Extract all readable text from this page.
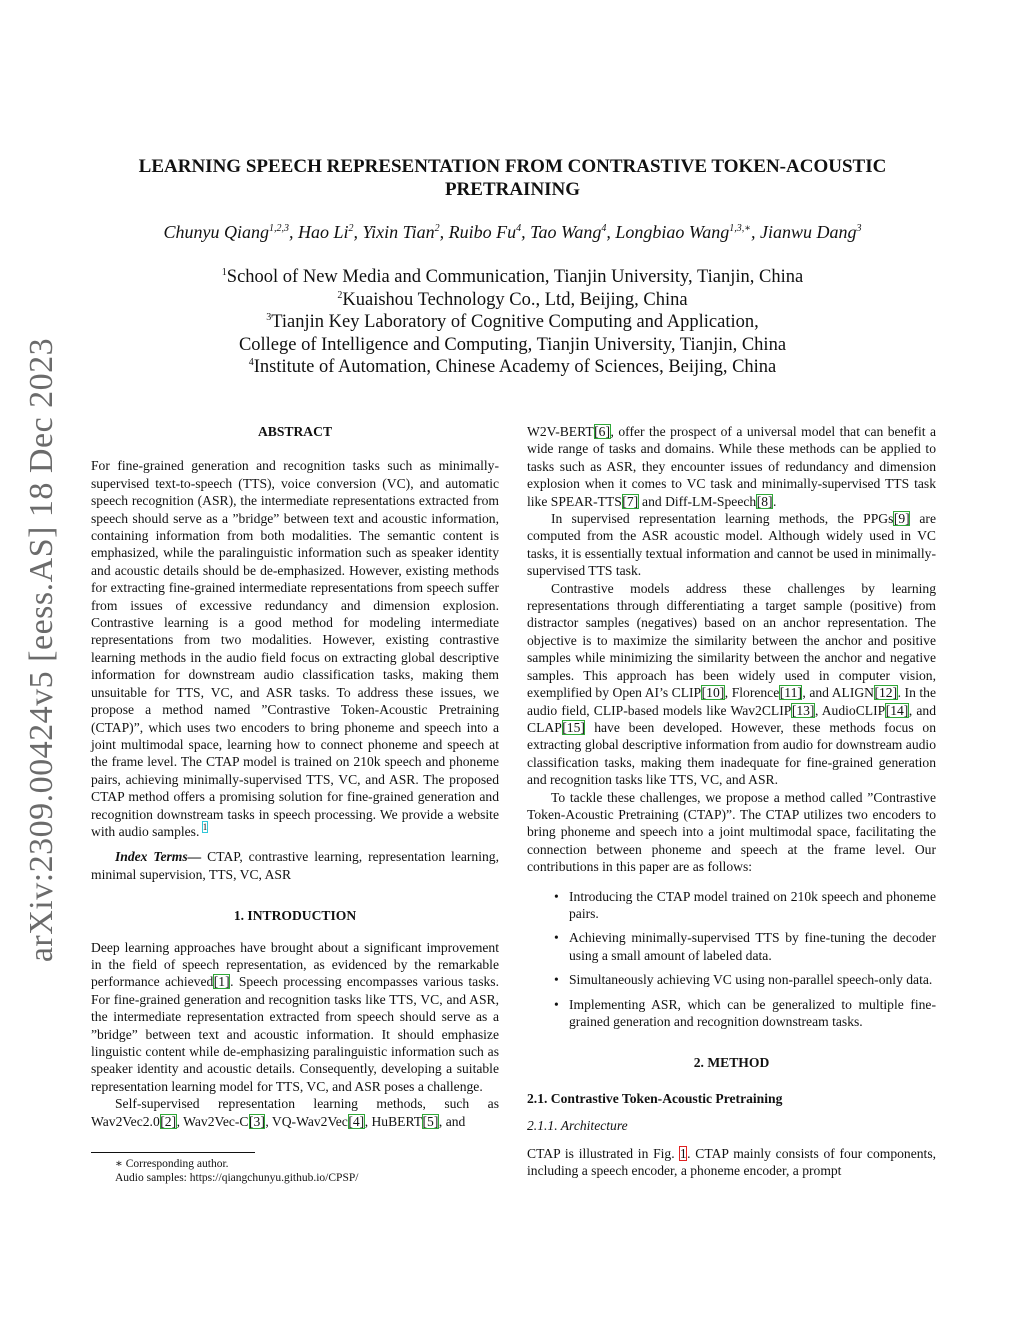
arXiv:2309.00424v5 [eess.AS] 18 Dec 2023
LEARNING SPEECH REPRESENTATION FROM CONTRASTIVE TOKEN-ACOUSTIC PRETRAINING
Chunyu Qiang$^{1,2,3}$, Hao Li$^2$, Yixin Tian$^2$, Ruibo Fu$^4$, Tao Wang$^4$, Longbiao Wang$^{1,3,∗}$, Jianwu Dang$^3$
$^1$School of New Media and Communication, Tianjin University, Tianjin, China
$^2$Kuaishou Technology Co., Ltd, Beijing, China
$^3$Tianjin Key Laboratory of Cognitive Computing and Application,
College of Intelligence and Computing, Tianjin University, Tianjin, China
$^4$Institute of Automation, Chinese Academy of Sciences, Beijing, China
ABSTRACT

For fine-grained generation and recognition tasks such as minimally-supervised text-to-speech (TTS), voice conversion (VC), and automatic speech recognition (ASR), the intermediate representations extracted from speech should serve as a ”bridge” between text and acoustic information, containing information from both modalities. The semantic content is emphasized, while the paralinguistic information such as speaker identity and acoustic details should be de-emphasized. However, existing methods for extracting fine-grained intermediate representations from speech suffer from issues of excessive redundancy and dimension explosion. Contrastive learning is a good method for modeling intermediate representations from two modalities. However, existing contrastive learning methods in the audio field focus on extracting global descriptive information for downstream audio classification tasks, making them unsuitable for TTS, VC, and ASR tasks. To address these issues, we propose a method named ”Contrastive Token-Acoustic Pretraining (CTAP)”, which uses two encoders to bring phoneme and speech into a joint multimodal space, learning how to connect phoneme and speech at the frame level. The CTAP model is trained on 210k speech and phoneme pairs, achieving minimally-supervised TTS, VC, and ASR. The proposed CTAP method offers a promising solution for fine-grained generation and recognition downstream tasks in speech processing. We provide a website with audio samples. $^1$

Index Terms— CTAP, contrastive learning, representation learning, minimal supervision, TTS, VC, ASR

1. INTRODUCTION

Deep learning approaches have brought about a significant improvement in the field of speech representation, as evidenced by the remarkable performance achieved[1]. Speech processing encompasses various tasks. For fine-grained generation and recognition tasks like TTS, VC, and ASR, the intermediate representation extracted from speech should serve as a ”bridge” between text and acoustic information. It should emphasize linguistic content while de-emphasizing paralinguistic information such as speaker identity and acoustic details. Consequently, developing a suitable representation learning model for TTS, VC, and ASR poses a challenge.

Self-supervised representation learning methods, such as Wav2Vec2.0[2], Wav2Vec-C[3], VQ-Wav2Vec[4], HuBERT[5], and

∗ Corresponding author.
Audio samples: https://qiangchunyu.github.io/CPSP/

W2V-BERT[6], offer the prospect of a universal model that can benefit a wide range of tasks and domains. While these methods can be applied to tasks such as ASR, they encounter issues of redundancy and dimension explosion when it comes to VC task and minimally-supervised TTS task like SPEAR-TTS[7] and Diff-LM-Speech[8].

In supervised representation learning methods, the PPGs[9] are computed from the ASR acoustic model. Although widely used in VC tasks, it is essentially textual information and cannot be used in minimally-supervised TTS task.

Contrastive models address these challenges by learning representations through differentiating a target sample (positive) from distractor samples (negatives) based on an anchor representation. The objective is to maximize the similarity between the anchor and positive samples while minimizing the similarity between the anchor and negative samples. This approach has been widely used in computer vision, exemplified by Open AI’s CLIP[10], Florence[11], and ALIGN[12]. In the audio field, CLIP-based models like Wav2CLIP[13], AudioCLIP[14], and CLAP[15] have been developed. However, these methods focus on extracting global descriptive information from audio for downstream audio classification tasks, making them inadequate for fine-grained generation and recognition tasks like TTS, VC, and ASR.

To tackle these challenges, we propose a method called ”Contrastive Token-Acoustic Pretraining (CTAP)”. The CTAP utilizes two encoders to bring phoneme and speech into a joint multimodal space, facilitating the connection between phoneme and speech at the frame level. Our contributions in this paper are as follows:

• Introducing the CTAP model trained on 210k speech and phoneme pairs.
• Achieving minimally-supervised TTS by fine-tuning the decoder using a small amount of labeled data.
• Simultaneously achieving VC using non-parallel speech-only data.
• Implementing ASR, which can be generalized to multiple fine-grained generation and recognition downstream tasks.
2. METHOD
2.1. Contrastive Token-Acoustic Pretraining
2.1.1. Architecture

CTAP is illustrated in Fig. 1. CTAP mainly consists of four components, including a speech encoder, a phoneme encoder, a prompt
